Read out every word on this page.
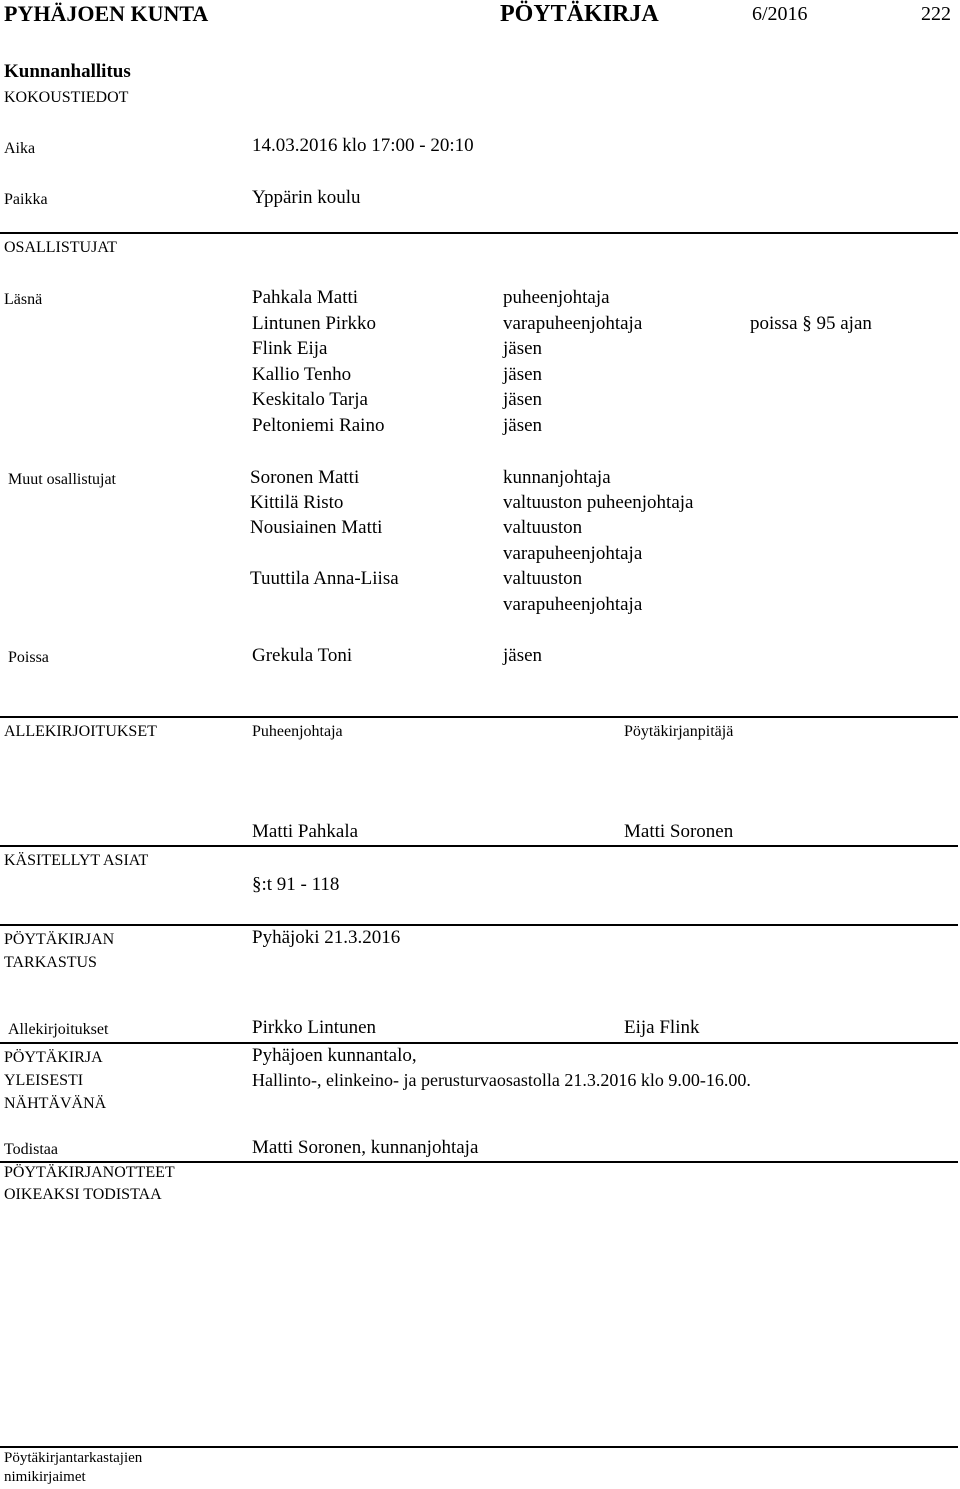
PYHÄJOEN KUNTA	PÖYTÄKIRJA	6/2016	222
Kunnanhallitus
KOKOUSTIEDOT
Aika	14.03.2016 klo 17:00 - 20:10
Paikka	Yppärin koulu
OSALLISTUJAT
Läsnä	Pahkala Matti	puheenjohtaja
Lintunen Pirkko	varapuheenjohtaja	poissa § 95 ajan
Flink Eija	jäsen
Kallio Tenho	jäsen
Keskitalo Tarja	jäsen
Peltoniemi Raino	jäsen
Muut osallistujat	Soronen Matti	kunnanjohtaja
Kittilä Risto	valtuuston puheenjohtaja
Nousiainen Matti	valtuuston
varapuheenjohtaja
Tuuttila Anna-Liisa	valtuuston
varapuheenjohtaja
Poissa	Grekula Toni	jäsen
ALLEKIRJOITUKSET	Puheenjohtaja	Pöytäkirjanpitäjä
Matti Pahkala	Matti Soronen
KÄSITELLYT ASIAT
§:t 91 - 118
PÖYTÄKIRJAN
TARKASTUS
Pyhäjoki 21.3.2016
Allekirjoitukset	Pirkko Lintunen	Eija Flink
PÖYTÄKIRJA
YLEISESTI
NÄHTÄVÄNÄ
Pyhäjoen kunnantalo,
Hallinto-, elinkeino- ja perusturvaosastolla 21.3.2016 klo 9.00-16.00.
Todistaa	Matti Soronen, kunnanjohtaja
PÖYTÄKIRJANOTTEET
OIKEAKSI TODISTAA
Pöytäkirjantarkastajien
nimikirjaimet
